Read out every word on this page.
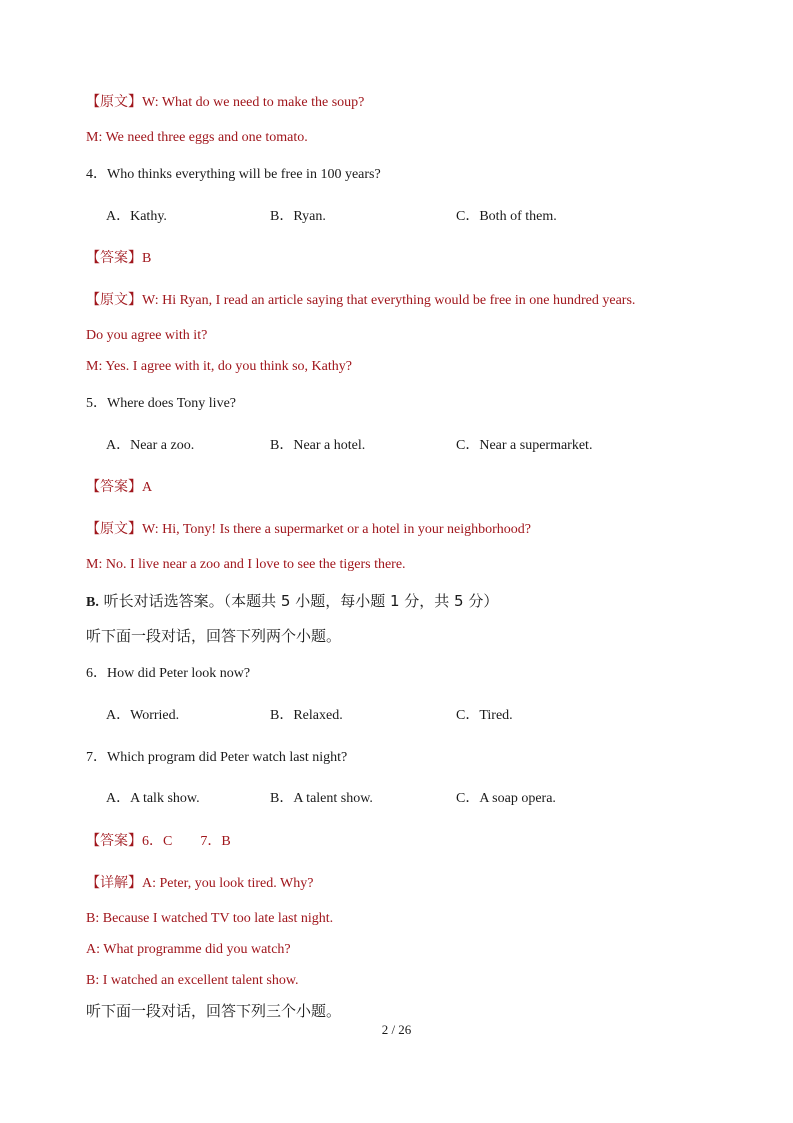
【原文】W: What do we need to make the soup?
M: We need three eggs and one tomato.
4．Who thinks everything will be free in 100 years?
A．Kathy.	B．Ryan.	C．Both of them.
【答案】B
【原文】W: Hi Ryan, I read an article saying that everything would be free in one hundred years.
Do you agree with it?
M: Yes. I agree with it, do you think so, Kathy?
5．Where does Tony live?
A．Near a zoo.	B．Near a hotel.	C．Near a supermarket.
【答案】A
【原文】W: Hi, Tony! Is there a supermarket or a hotel in your neighborhood?
M: No. I live near a zoo and I love to see the tigers there.
B. 听长对话选答案。（本题共 5 小题，每小题 1 分，共 5 分）
听下面一段对话，回答下列两个小题。
6．How did Peter look now?
A．Worried.	B．Relaxed.	C．Tired.
7．Which program did Peter watch last night?
A．A talk show.	B．A talent show.	C．A soap opera.
【答案】6．C        7．B
【详解】A: Peter, you look tired. Why?
B: Because I watched TV too late last night.
A: What programme did you watch?
B: I watched an excellent talent show.
听下面一段对话，回答下列三个小题。
2 / 26
